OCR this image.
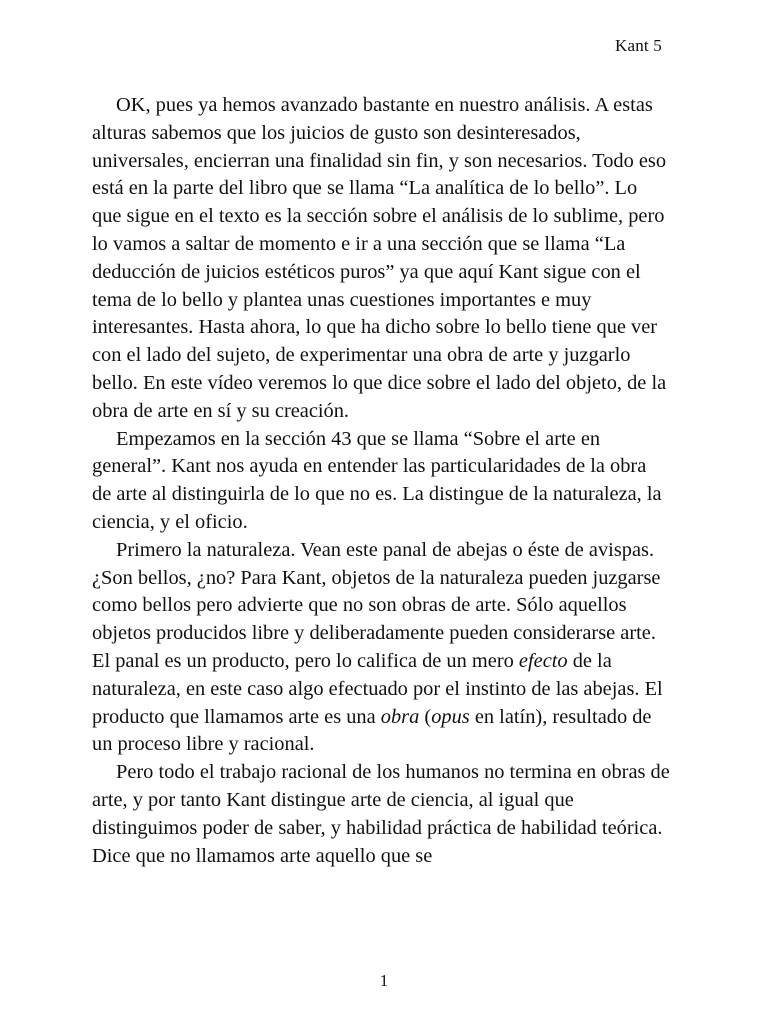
Kant 5

OK, pues ya hemos avanzado bastante en nuestro análisis. A estas alturas sabemos que los juicios de gusto son desinteresados, universales, encierran una finalidad sin fin, y son necesarios. Todo eso está en la parte del libro que se llama “La analítica de lo bello”. Lo que sigue en el texto es la sección sobre el análisis de lo sublime, pero lo vamos a saltar de momento e ir a una sección que se llama “La deducción de juicios estéticos puros” ya que aquí Kant sigue con el tema de lo bello y plantea unas cuestiones importantes e muy interesantes. Hasta ahora, lo que ha dicho sobre lo bello tiene que ver con el lado del sujeto, de experimentar una obra de arte y juzgarlo bello. En este vídeo veremos lo que dice sobre el lado del objeto, de la obra de arte en sí y su creación.

Empezamos en la sección 43 que se llama “Sobre el arte en general”. Kant nos ayuda en entender las particularidades de la obra de arte al distinguirla de lo que no es. La distingue de la naturaleza, la ciencia, y el oficio.

Primero la naturaleza. Vean este panal de abejas o éste de avispas. ¿Son bellos, ¿no? Para Kant, objetos de la naturaleza pueden juzgarse como bellos pero advierte que no son obras de arte. Sólo aquellos objetos producidos libre y deliberadamente pueden considerarse arte. El panal es un producto, pero lo califica de un mero efecto de la naturaleza, en este caso algo efectuado por el instinto de las abejas. El producto que llamamos arte es una obra (opus en latín), resultado de un proceso libre y racional.

Pero todo el trabajo racional de los humanos no termina en obras de arte, y por tanto Kant distingue arte de ciencia, al igual que distinguimos poder de saber, y habilidad práctica de habilidad teórica. Dice que no llamamos arte aquello que se

1
